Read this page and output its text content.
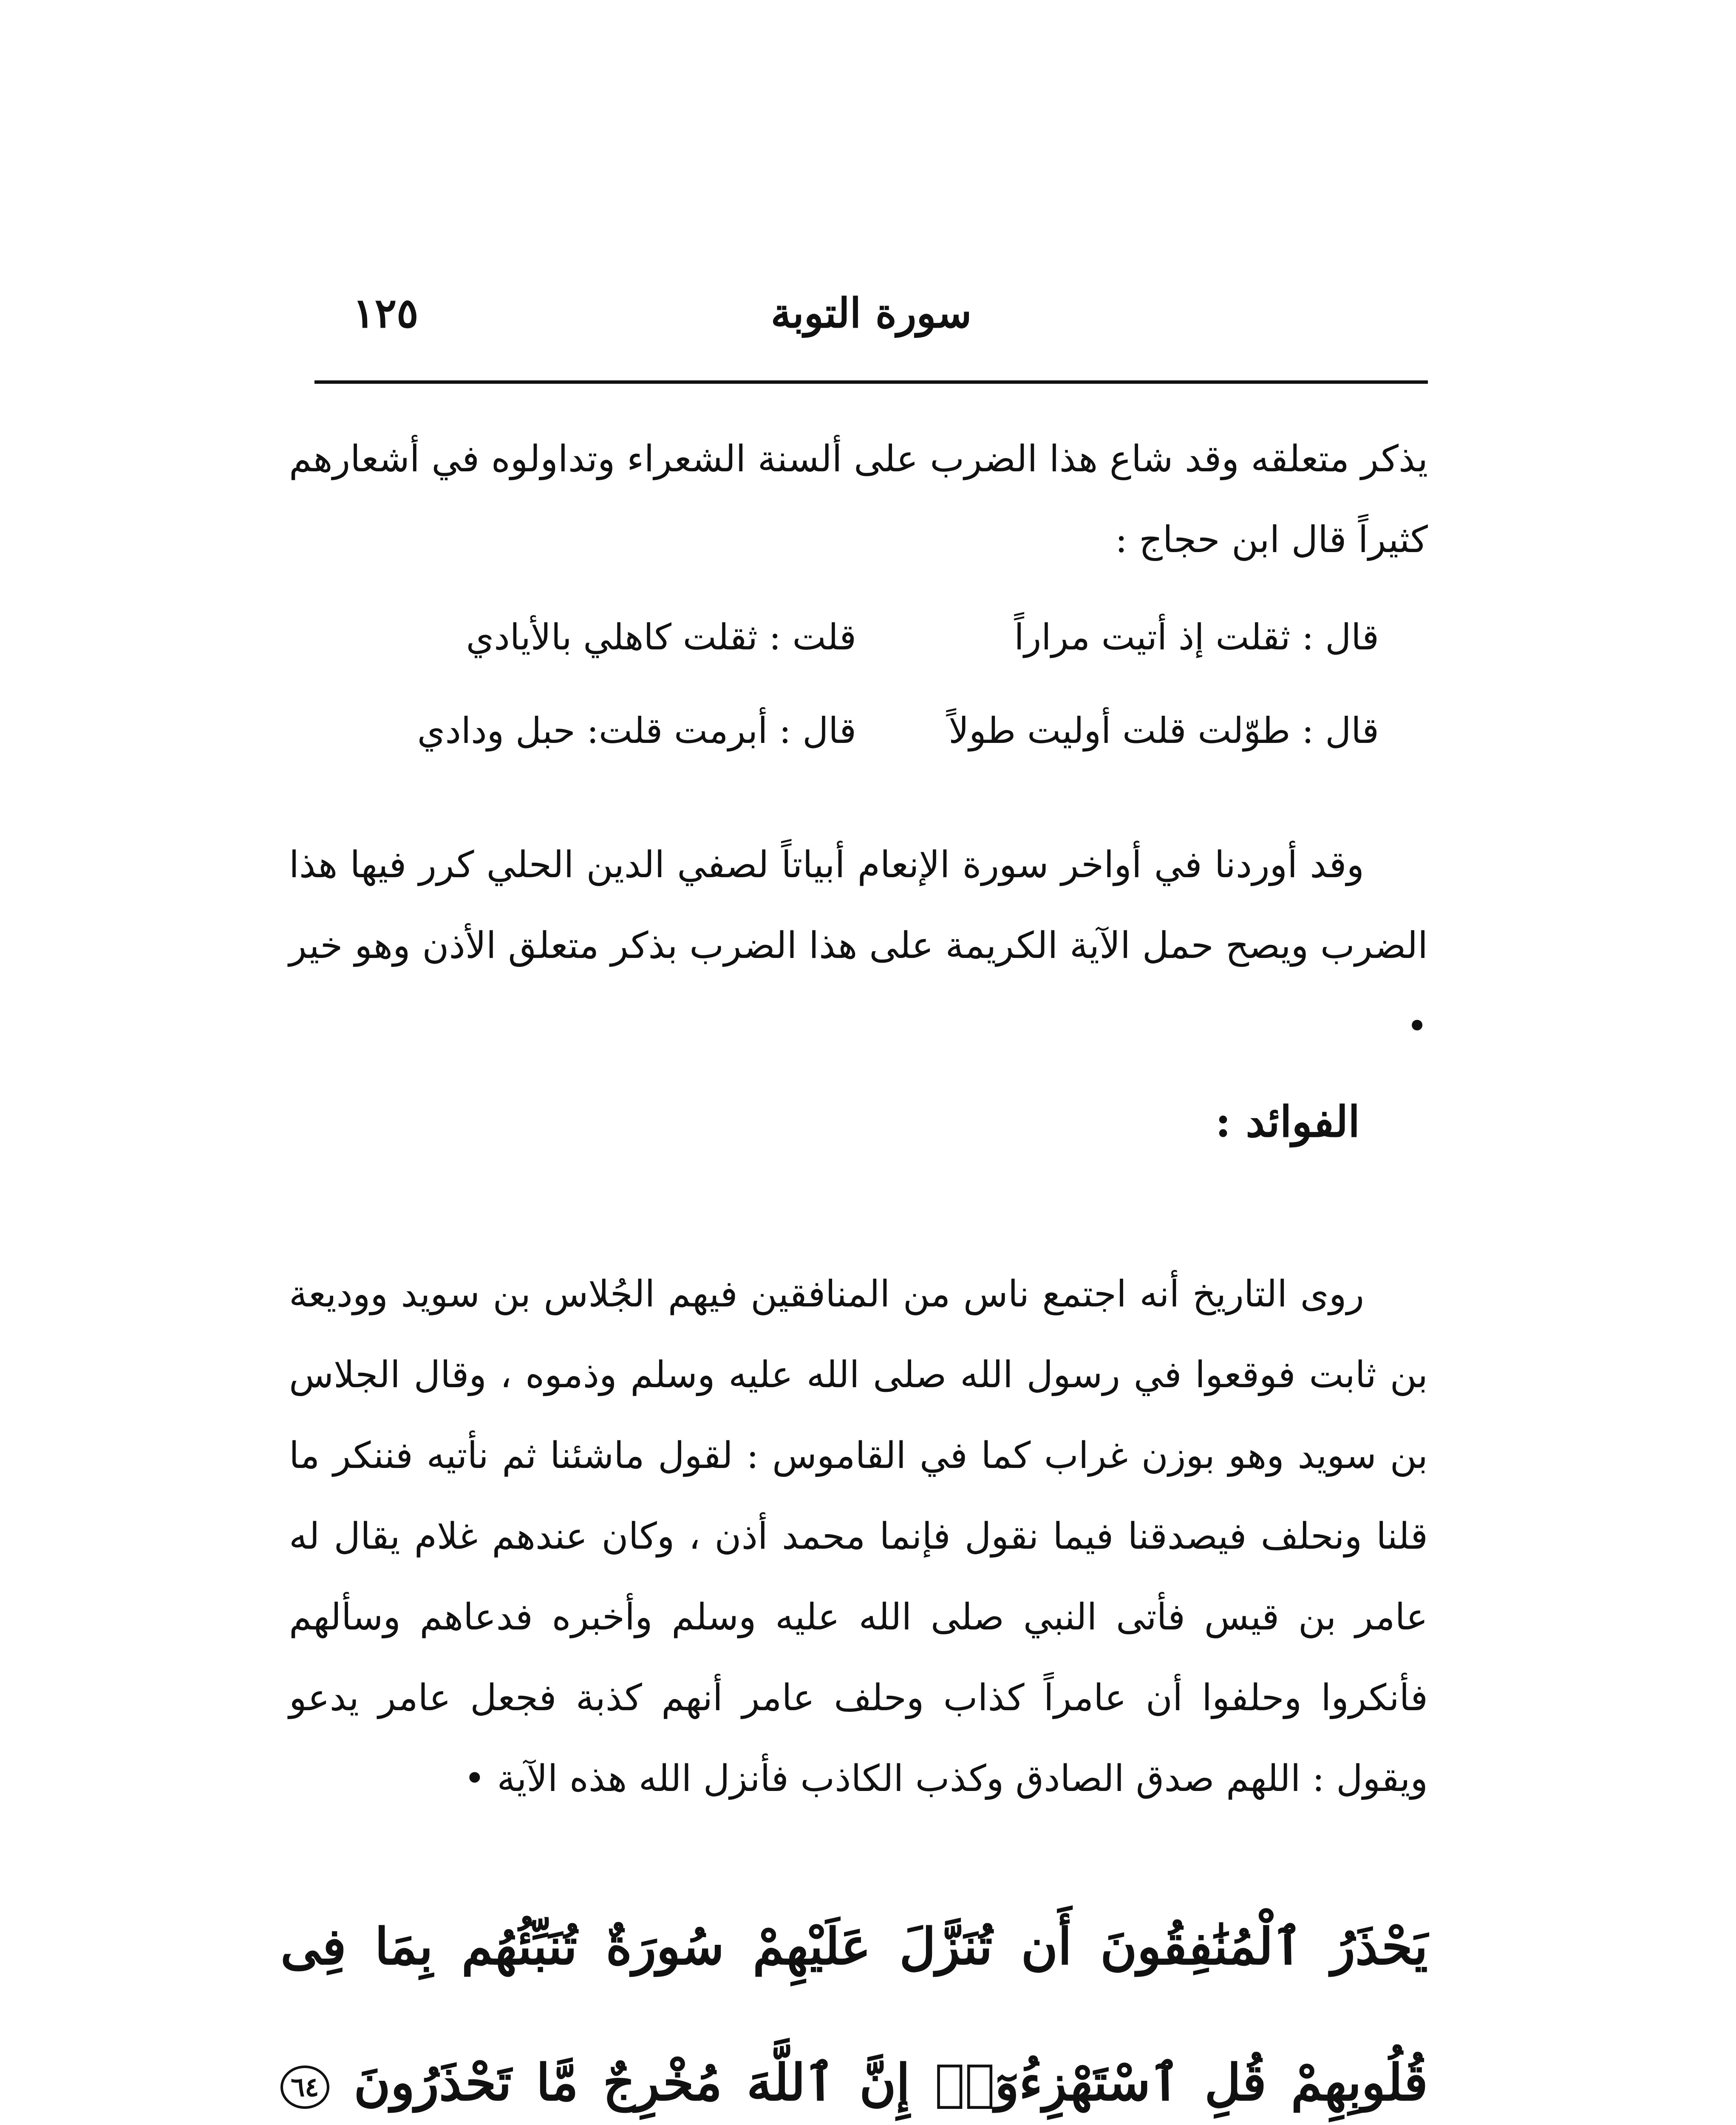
سورة التوبة
١٢٥
يذكر متعلقه وقد شاع هذا الضرب على ألسنة الشعراء وتداولوه في أشعارهم كثيراً قال ابن حجاج :
قال : ثقلت إذ أتيت مراراً
قلت : ثقلت كاهلي بالأيادي
قال : طوّلت قلت أوليت طولاً
قال : أبرمت قلت: حبل ودادي
وقد أوردنا في أواخر سورة الإنعام أبياتاً لصفي الدين الحلي كرر فيها هذا الضرب ويصح حمل الآية الكريمة على هذا الضرب بذكر متعلق الأذن وهو خير •
الفوائد :
روى التاريخ أنه اجتمع ناس من المنافقين فيهم الجُلاس بن سويد ووديعة بن ثابت فوقعوا في رسول الله صلى الله عليه وسلم وذموه ، وقال الجلاس بن سويد وهو بوزن غراب كما في القاموس : لقول ماشئنا ثم نأتيه فننكر ما قلنا ونحلف فيصدقنا فيما نقول فإنما محمد أذن ، وكان عندهم غلام يقال له عامر بن قيس فأتى النبي صلى الله عليه وسلم وأخبره فدعاهم وسألهم فأنكروا وحلفوا أن عامراً كذاب وحلف عامر أنهم كذبة فجعل عامر يدعو ويقول : اللهم صدق الصادق وكذب الكاذب فأنزل الله هذه الآية •
يَحْذَرُ ٱلْمُنَٰفِقُونَ أَن تُنَزَّلَ عَلَيْهِمْ سُورَةٌ تُنَبِّئُهُم بِمَا فِى قُلُوبِهِمْ قُلِ ٱسْتَهْزِءُوٓا۟ إِنَّ ٱللَّهَ مُخْرِجٌ مَّا تَحْذَرُونَ ٦٤
